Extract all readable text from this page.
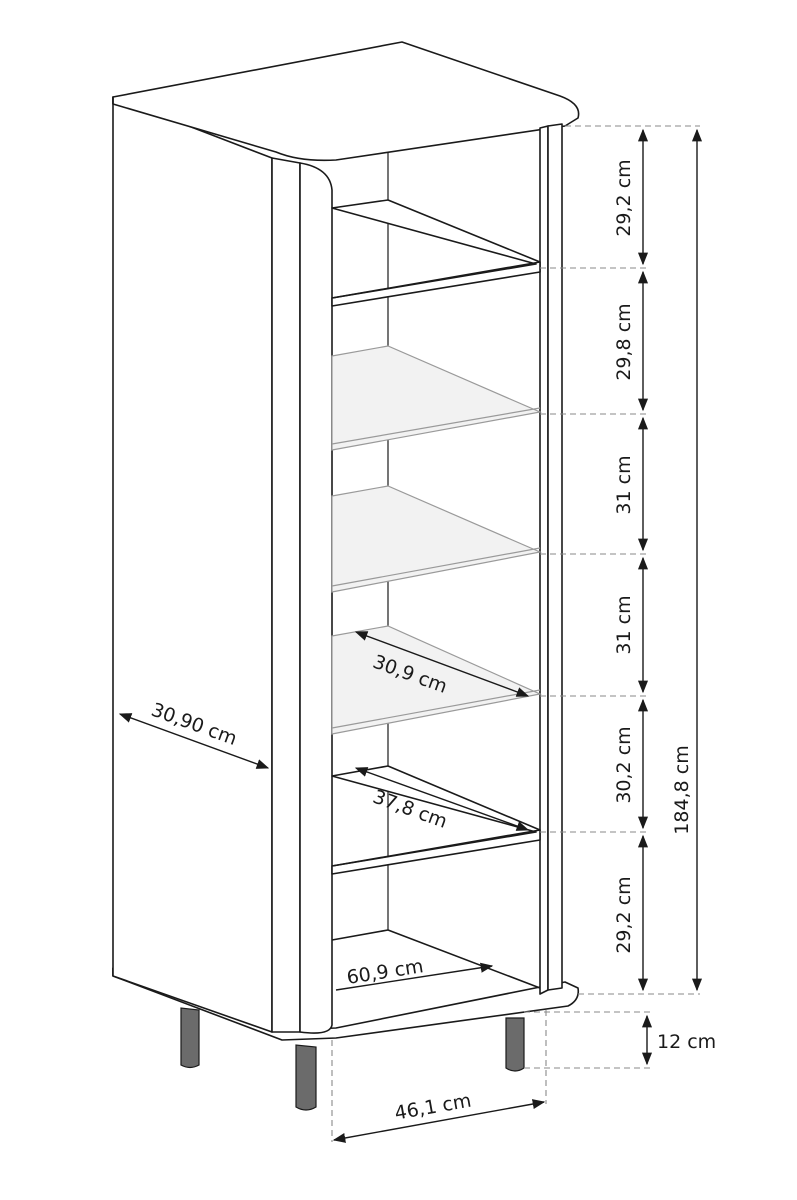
29,2 cm
29,8 cm
31 cm
31 cm
30,2 cm
29,2 cm
184,8 cm
12 cm
46,1 cm
60,9 cm
37,8 cm
30,9 cm
30,90 cm
